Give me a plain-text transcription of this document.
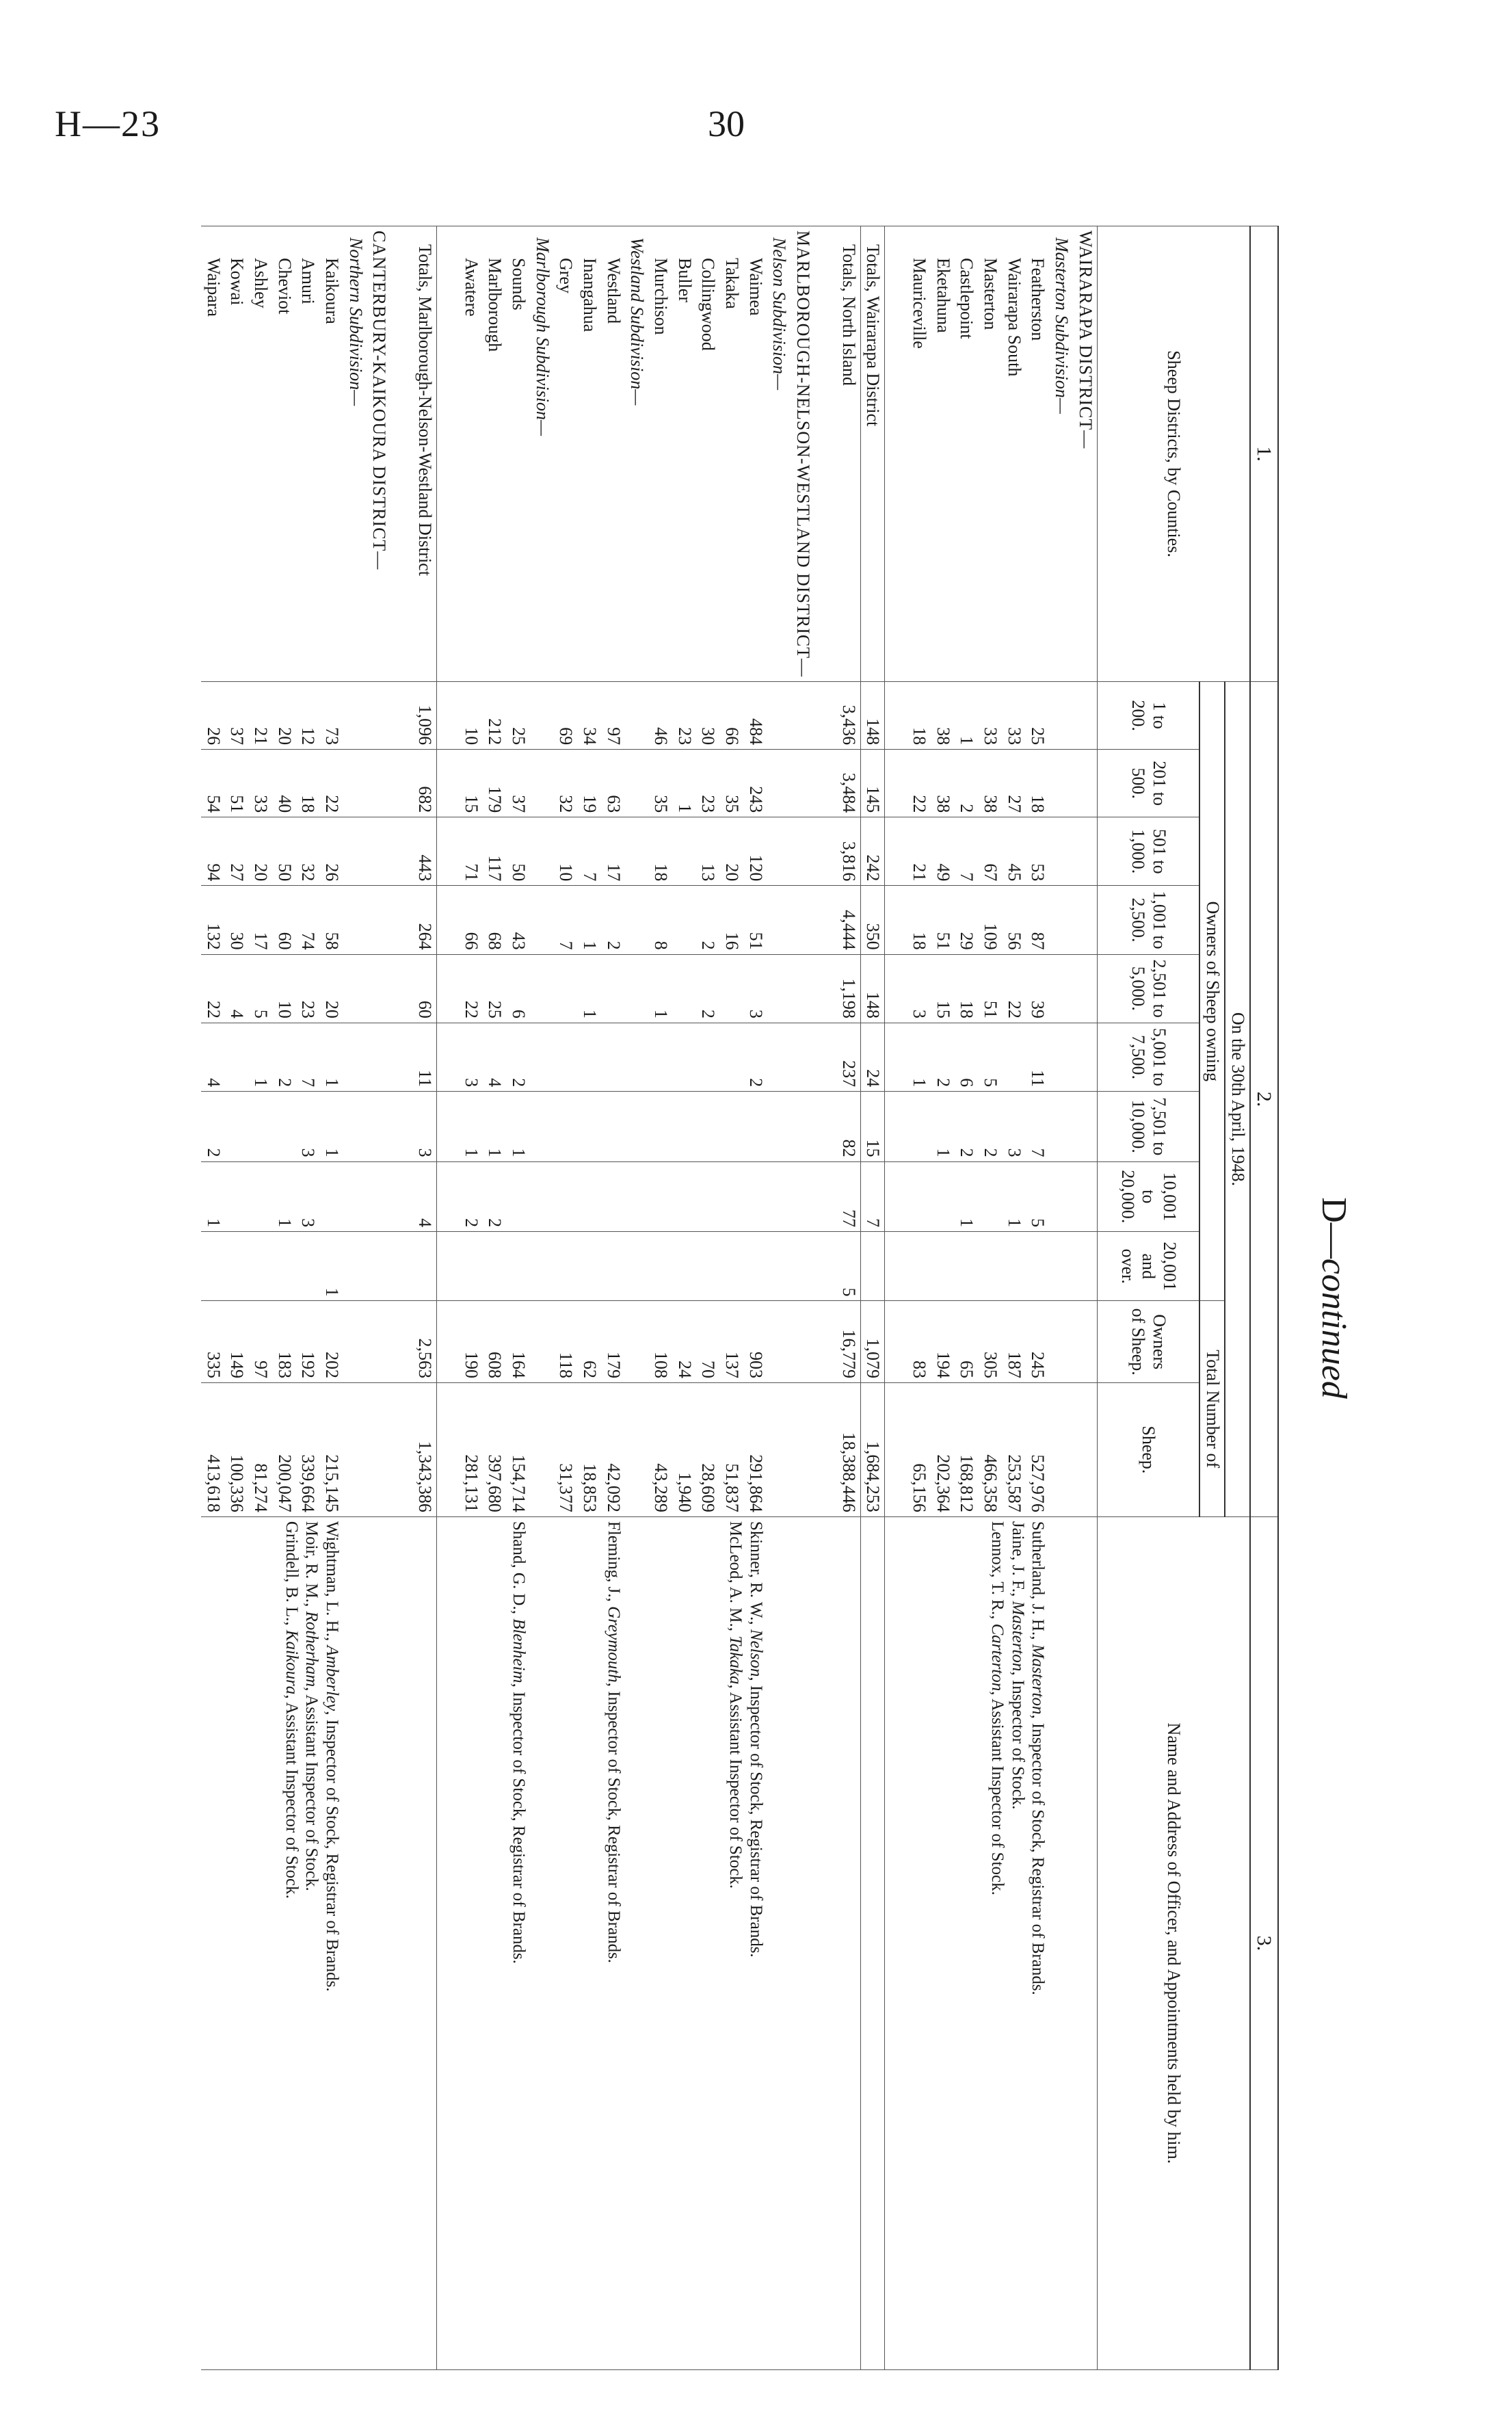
H—23	30
D—continued
1.	2.											3.
Sheep Districts, by Counties.	On the 30th April, 1948.											Name and Address of Officer, and Appointments held by him.
	Owners of Sheep owning									Total Number of		
	1 to 200.	201 to 500.	501 to 1,000.	1,001 to 2,500.	2,501 to 5,000.	5,001 to 7,500.	7,501 to 10,000.	10,001 to 20,000.	20,001 and over.	Owners of Sheep.	Sheep.	
WAIRARAPA DISTRICT—												
Masterton Subdivision—												
Featherston	25	18	53	87	39	11	7	5		245	527,976	Sutherland, J. H., Masterton, Inspector of Stock, Registrar of Brands.
Jaine, J. F., Masterton, Inspector of Stock.
Lennox, T. R., Carterton, Assistant Inspector of Stock.

Wairarapa South	33	27	45	56	22		3	1		187	253,587	
Masterton	33	38	67	109	51	5	2			305	466,358	
Castlepoint	1	2	7	29	18	6	2	1		65	168,812	
Eketahuna	38	38	49	51	15	2	1			194	202,364	
Mauriceville	18	22	21	18	3	1				83	65,156	

Totals, Wairarapa District	148	145	242	350	148	24	15	7		1,079	1,684,253	
Totals, North Island	3,436	3,484	3,816	4,444	1,198	237	82	77	5	16,779	18,388,446	

MARLBOROUGH-NELSON-WESTLAND DISTRICT—												
Nelson Subdivision—												
Waimea	484	243	120	51	3	2				903	291,864	Skinner, R. W., Nelson, Inspector of Stock, Registrar of Brands.
McLeod, A. M., Takaka, Assistant Inspector of Stock.

Takaka	66	35	20	16						137	51,837	
Collingwood	30	23	13	2	2					70	28,609	
Buller	23	1								24	1,940	
Murchison	46	35	18	8	1					108	43,289	
Westland Subdivision—												
Westland	97	63	17	2						179	42,092	Fleming, J., Greymouth, Inspector of Stock, Registrar of Brands.

Inangahua	34	19	7	1	1					62	18,853	
Grey	69	32	10	7						118	31,377	
Marlborough Subdivision—												
Sounds	25	37	50	43	6	2	1			164	154,714	Shand, G. D., Blenheim, Inspector of Stock, Registrar of Brands.

Marlborough	212	179	117	68	25	4	1	2		608	397,680	
Awatere	10	15	71	66	22	3	1	2		190	281,131	

Totals, Marlborough-Nelson-Westland District	1,096	682	443	264	60	11	3	4		2,563	1,343,386	

CANTERBURY-KAIKOURA DISTRICT—												
Northern Subdivision—												
Kaikoura	73	22	26	58	20	1	1		1	202	215,145	Wightman, L. H., Amberley, Inspector of Stock, Registrar of Brands.
Moir, R. M., Rotherham, Assistant Inspector of Stock.
Grindell, B. L., Kaikoura, Assistant Inspector of Stock.

Amuri	12	18	32	74	23	7	3	3		192	339,664	
Cheviot	20	40	50	60	10	2		1		183	200,047	
Ashley	21	33	20	17	5	1				97	81,274	
Kowai	37	51	27	30	4					149	100,336	
Waipara	26	54	94	132	22	4	2	1		335	413,618	
